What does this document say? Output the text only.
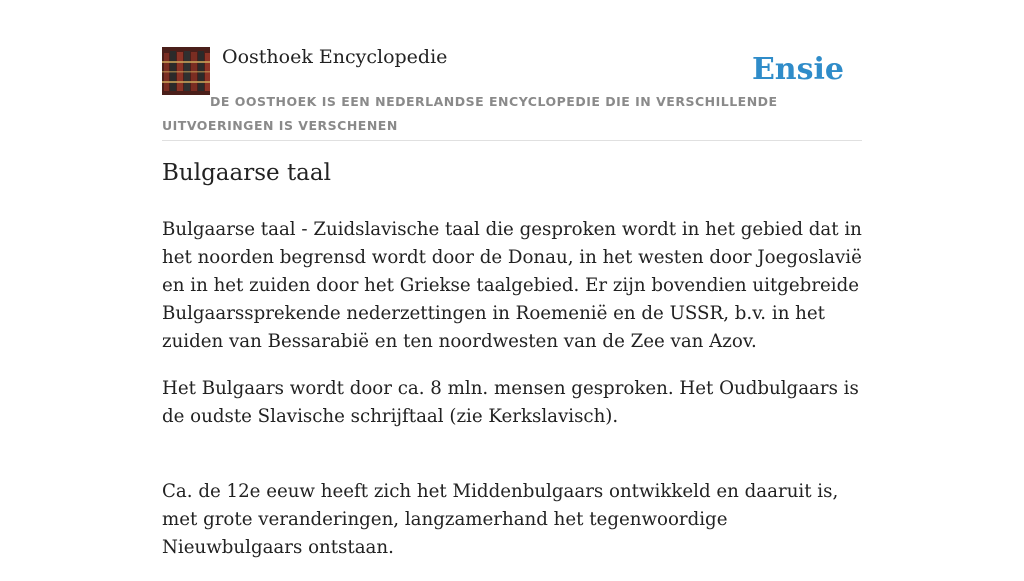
Oosthoek Encyclopedie	Ensie
DE OOSTHOEK IS EEN NEDERLANDSE ENCYCLOPEDIE DIE IN VERSCHILLENDE UITVOERINGEN IS VERSCHENEN
Bulgaarse taal

Bulgaarse taal - Zuidslavische taal die gesproken wordt in het gebied dat in het noorden begrensd wordt door de Donau, in het westen door Joegoslavië en in het zuiden door het Griekse taalgebied. Er zijn bovendien uitgebreide Bulgaarssprekende nederzettingen in Roemenië en de USSR, b.v. in het zuiden van Bessarabië en ten noordwesten van de Zee van Azov.

Het Bulgaars wordt door ca. 8 mln. mensen gesproken. Het Oudbulgaars is de oudste Slavische schrijftaal (zie Kerkslavisch).

Ca. de 12e eeuw heeft zich het Middenbulgaars ontwikkeld en daaruit is, met grote veranderingen, langzamerhand het tegenwoordige Nieuwbulgaars ontstaan.
